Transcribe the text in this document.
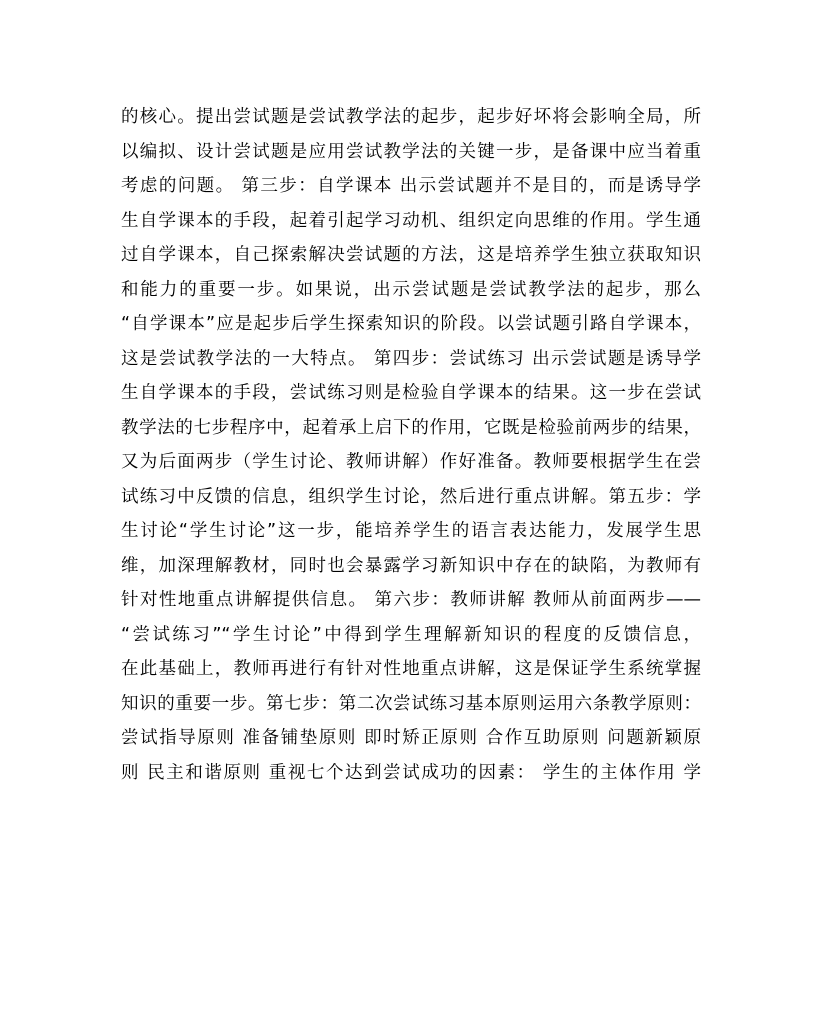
的核心。提出尝试题是尝试教学法的起步，起步好坏将会影响全局，所
以编拟、设计尝试题是应用尝试教学法的关键一步，是备课中应当着重
考虑的问题。 第三步：自学课本 出示尝试题并不是目的，而是诱导学
生自学课本的手段，起着引起学习动机、组织定向思维的作用。学生通
过自学课本，自己探索解决尝试题的方法，这是培养学生独立获取知识
和能力的重要一步。如果说，出示尝试题是尝试教学法的起步，那么
“自学课本”应是起步后学生探索知识的阶段。以尝试题引路自学课本，
这是尝试教学法的一大特点。 第四步：尝试练习 出示尝试题是诱导学
生自学课本的手段，尝试练习则是检验自学课本的结果。这一步在尝试
教学法的七步程序中，起着承上启下的作用，它既是检验前两步的结果，
又为后面两步（学生讨论、教师讲解）作好准备。教师要根据学生在尝
试练习中反馈的信息，组织学生讨论，然后进行重点讲解。第五步：学
生讨论“学生讨论”这一步，能培养学生的语言表达能力，发展学生思
维，加深理解教材，同时也会暴露学习新知识中存在的缺陷，为教师有
针对性地重点讲解提供信息。 第六步：教师讲解 教师从前面两步——
“尝试练习”“学生讨论”中得到学生理解新知识的程度的反馈信息，
在此基础上，教师再进行有针对性地重点讲解，这是保证学生系统掌握
知识的重要一步。第七步：第二次尝试练习基本原则运用六条教学原则：
尝试指导原则 准备铺垫原则 即时矫正原则 合作互助原则 问题新颖原
则 民主和谐原则 重视七个达到尝试成功的因素： 学生的主体作用 学
